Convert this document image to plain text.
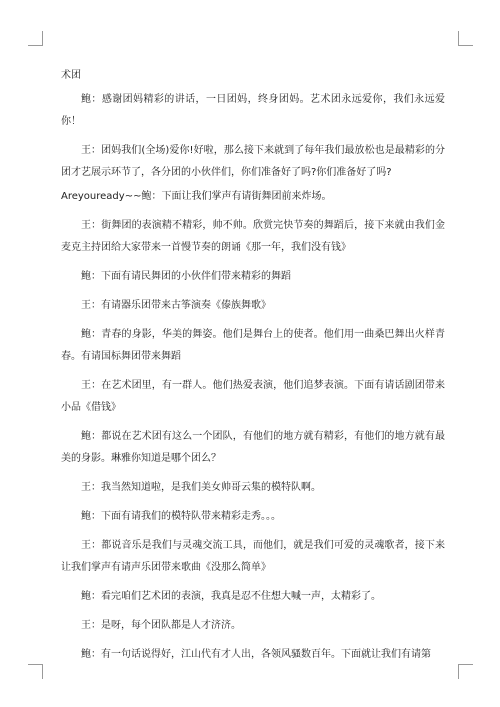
术团

鲍：感谢团妈精彩的讲话，一日团妈，终身团妈。艺术团永远爱你，我们永远爱你！

王：团妈我们(全场)爱你!好啦，那么接下来就到了每年我们最放松也是最精彩的分团才艺展示环节了，各分团的小伙伴们，你们准备好了吗?你们准备好了吗?

Areyouready~~鲍：下面让我们掌声有请街舞团前来炸场。

王：街舞团的表演精不精彩，帅不帅。欣赏完快节奏的舞蹈后，接下来就由我们金麦克主持团给大家带来一首慢节奏的朗诵《那一年，我们没有钱》

鲍：下面有请民舞团的小伙伴们带来精彩的舞蹈

王：有请器乐团带来古筝演奏《傣族舞歌》

鲍：青春的身影，华美的舞姿。他们是舞台上的使者。他们用一曲桑巴舞出火样青春。有请国标舞团带来舞蹈

王：在艺术团里，有一群人。他们热爱表演，他们追梦表演。下面有请话剧团带来小品《借钱》

鲍：都说在艺术团有这么一个团队，有他们的地方就有精彩，有他们的地方就有最美的身影。琳雅你知道是哪个团么？

王：我当然知道啦，是我们美女帅哥云集的模特队啊。

鲍：下面有请我们的模特队带来精彩走秀。。。

王：都说音乐是我们与灵魂交流工具，而他们，就是我们可爱的灵魂歌者，接下来让我们掌声有请声乐团带来歌曲《没那么简单》

鲍：看完咱们艺术团的表演，我真是忍不住想大喊一声，太精彩了。

王：是呀，每个团队都是人才济济。

鲍：有一句话说得好，江山代有才人出，各领风骚数百年。下面就让我们有请第
